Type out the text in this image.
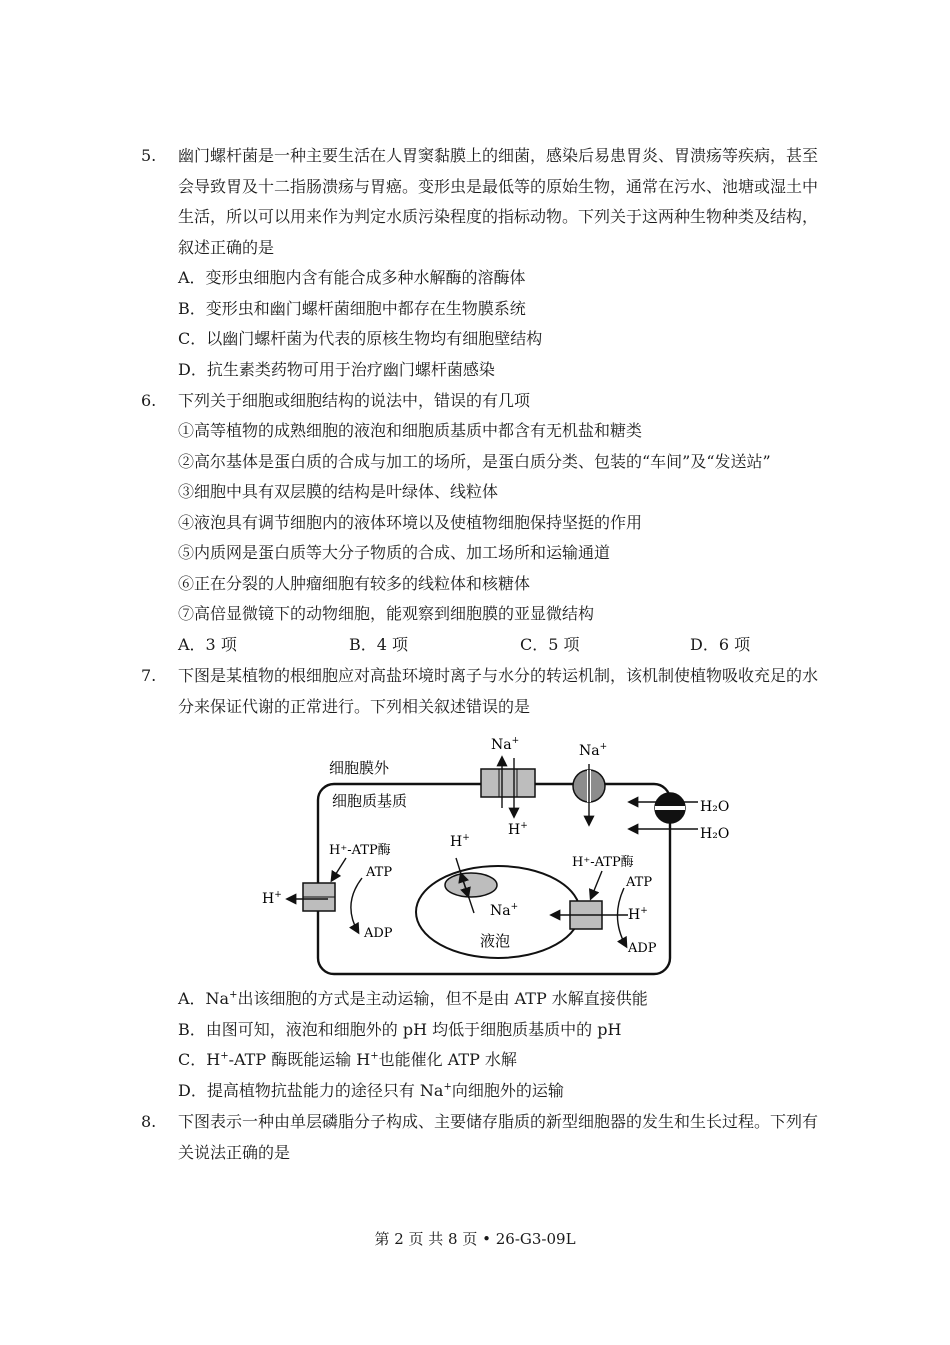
5. 幽门螺杆菌是一种主要生活在人胃窦黏膜上的细菌，感染后易患胃炎、胃溃疡等疾病，甚至
会导致胃及十二指肠溃疡与胃癌。变形虫是最低等的原始生物，通常在污水、池塘或湿土中
生活，所以可以用来作为判定水质污染程度的指标动物。下列关于这两种生物种类及结构，
叙述正确的是
A．变形虫细胞内含有能合成多种水解酶的溶酶体
B．变形虫和幽门螺杆菌细胞中都存在生物膜系统
C．以幽门螺杆菌为代表的原核生物均有细胞壁结构
D．抗生素类药物可用于治疗幽门螺杆菌感染
6. 下列关于细胞或细胞结构的说法中，错误的有几项
①高等植物的成熟细胞的液泡和细胞质基质中都含有无机盐和糖类
②高尔基体是蛋白质的合成与加工的场所，是蛋白质分类、包装的“车间”及“发送站”
③细胞中具有双层膜的结构是叶绿体、线粒体
④液泡具有调节细胞内的液体环境以及使植物细胞保持坚挺的作用
⑤内质网是蛋白质等大分子物质的合成、加工场所和运输通道
⑥正在分裂的人肿瘤细胞有较多的线粒体和核糖体
⑦高倍显微镜下的动物细胞，能观察到细胞膜的亚显微结构
A．3 项	B．4 项	C．5 项	D．6 项
7. 下图是某植物的根细胞应对高盐环境时离子与水分的转运机制，该机制使植物吸收充足的水
分来保证代谢的正常进行。下列相关叙述错误的是
细胞膜外
细胞质基质
Na+
H+
Na+
H₂O
H₂O
H+
H⁺-ATP酶
ATP
ADP	液泡
H+
Na+	H+
H⁺-ATP酶
ATP
ADP
A．Na+出该细胞的方式是主动运输，但不是由 ATP 水解直接供能
B．由图可知，液泡和细胞外的 pH 均低于细胞质基质中的 pH
C．H+-ATP 酶既能运输 H+也能催化 ATP 水解
D．提高植物抗盐能力的途径只有 Na+向细胞外的运输
8. 下图表示一种由单层磷脂分子构成、主要储存脂质的新型细胞器的发生和生长过程。下列有
关说法正确的是
第 2 页 共 8 页 • 26-G3-09L
